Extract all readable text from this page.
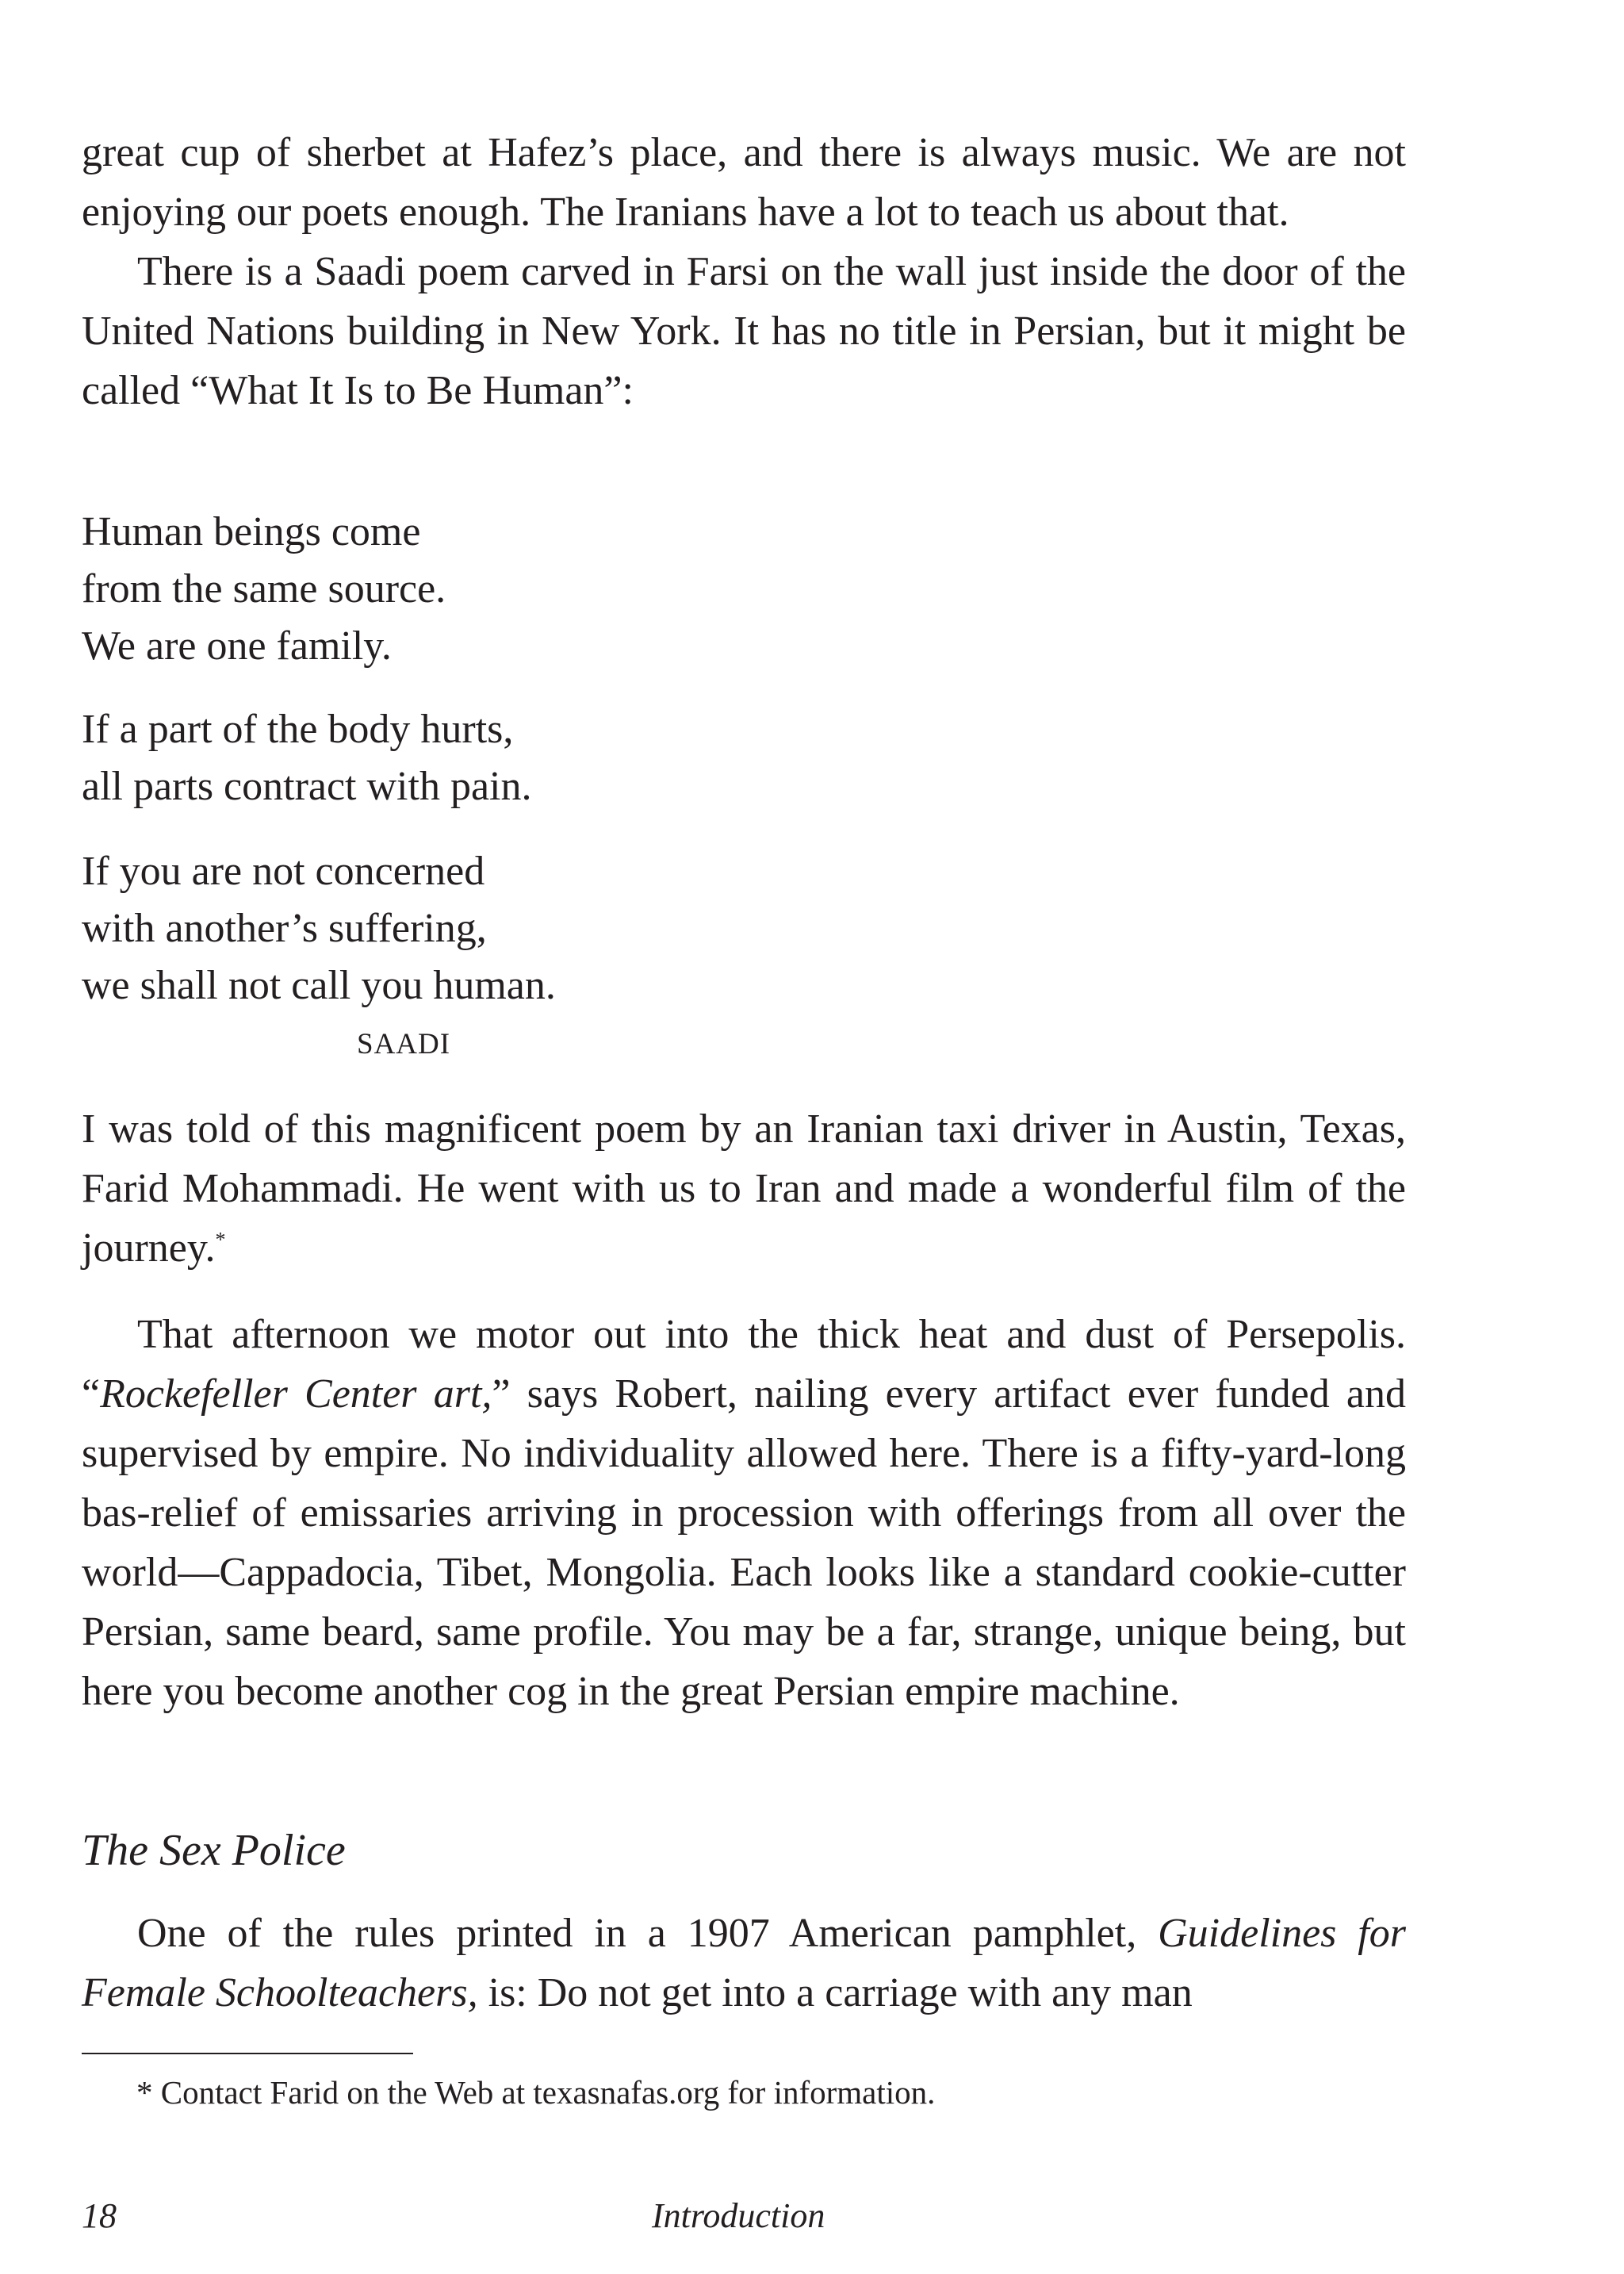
great cup of sherbet at Hafez’s place, and there is always music. We are not enjoying our poets enough. The Iranians have a lot to teach us about that.

There is a Saadi poem carved in Farsi on the wall just inside the door of the United Nations building in New York. It has no title in Persian, but it might be called “What It Is to Be Human”:

Human beings come
from the same source.
We are one family.
If a part of the body hurts,
all parts contract with pain.
If you are not concerned
with another’s suffering,
we shall not call you human.
SAADI

I was told of this magnificent poem by an Iranian taxi driver in Austin, Texas, Farid Mohammadi. He went with us to Iran and made a wonderful film of the journey.*

That afternoon we motor out into the thick heat and dust of Persepolis. “Rockefeller Center art,” says Robert, nailing every artifact ever funded and supervised by empire. No individuality allowed here. There is a fifty-yard-long bas-relief of emissaries arriving in procession with offerings from all over the world—Cappadocia, Tibet, Mongolia. Each looks like a standard cookie-cutter Persian, same beard, same profile. You may be a far, strange, unique being, but here you become another cog in the great Persian empire machine.

The Sex Police

One of the rules printed in a 1907 American pamphlet, Guidelines for Female Schoolteachers, is: Do not get into a carriage with any man

* Contact Farid on the Web at texasnafas.org for information.
18	Introduction
